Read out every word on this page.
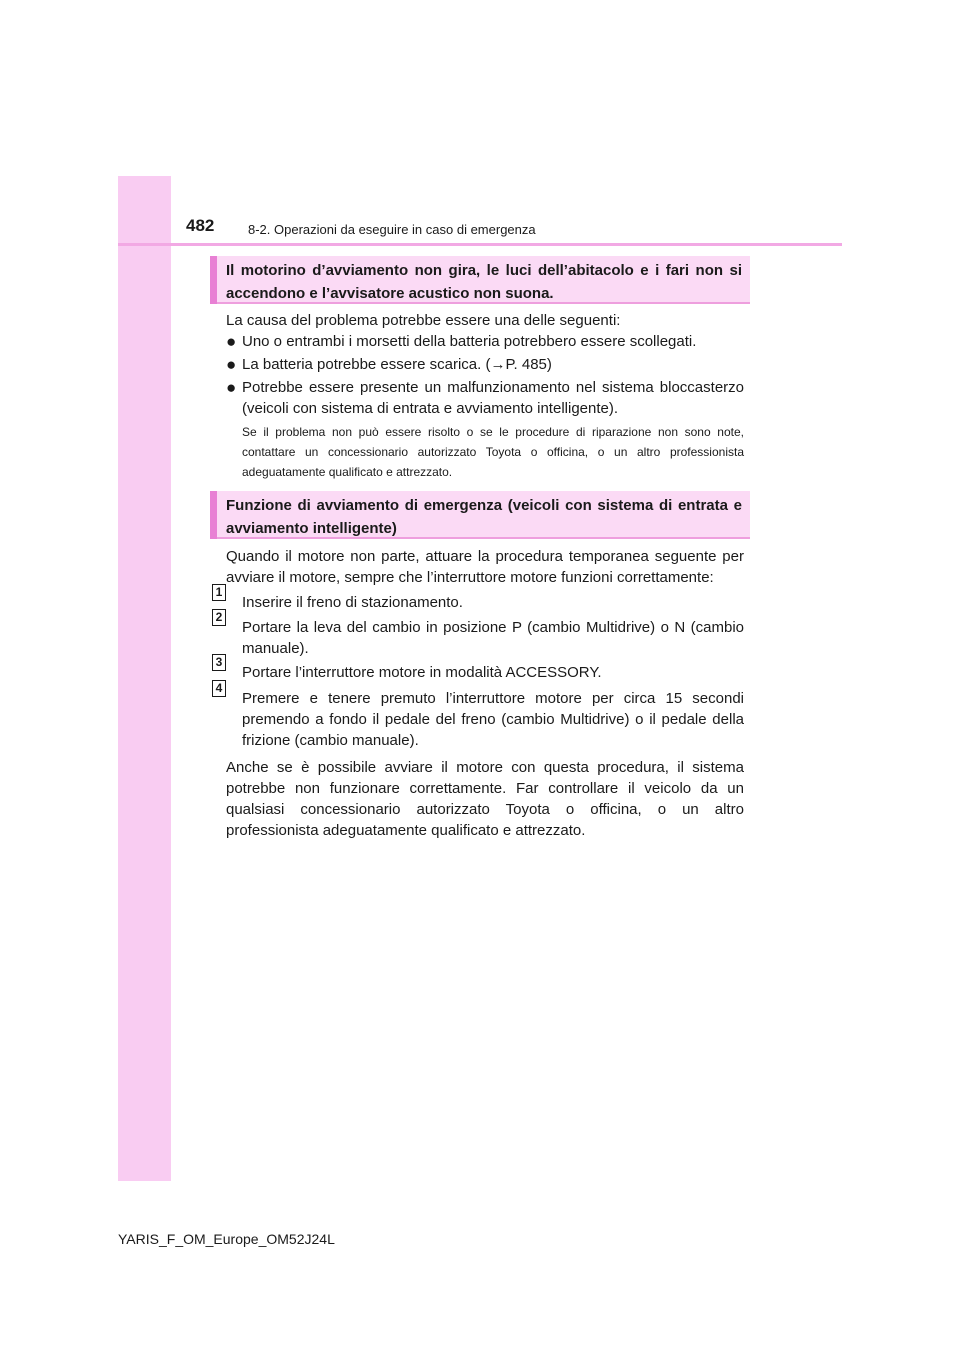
482	8-2. Operazioni da eseguire in caso di emergenza
Il motorino d’avviamento non gira, le luci dell’abitacolo e i fari non si accendono e l’avvisatore acustico non suona.
La causa del problema potrebbe essere una delle seguenti:
● Uno o entrambi i morsetti della batteria potrebbero essere scollegati.
● La batteria potrebbe essere scarica. (→P. 485)
● Potrebbe essere presente un malfunzionamento nel sistema bloccasterzo (veicoli con sistema di entrata e avviamento intelligente).
Se il problema non può essere risolto o se le procedure di riparazione non sono note, contattare un concessionario autorizzato Toyota o officina, o un altro professionista adeguatamente qualificato e attrezzato.
Funzione di avviamento di emergenza (veicoli con sistema di entrata e avviamento intelligente)
Quando il motore non parte, attuare la procedura temporanea seguente per avviare il motore, sempre che l’interruttore motore funzioni correttamente:
1
Inserire il freno di stazionamento.
2
Portare la leva del cambio in posizione P (cambio Multidrive) o N (cambio manuale).
3
Portare l’interruttore motore in modalità ACCESSORY.
4
Premere e tenere premuto l’interruttore motore per circa 15 secondi premendo a fondo il pedale del freno (cambio Multidrive) o il pedale della frizione (cambio manuale).
Anche se è possibile avviare il motore con questa procedura, il sistema potrebbe non funzionare correttamente. Far controllare il veicolo da un qualsiasi concessionario autorizzato Toyota o officina, o un altro professionista adeguatamente qualificato e attrezzato.
YARIS_F_OM_Europe_OM52J24L
